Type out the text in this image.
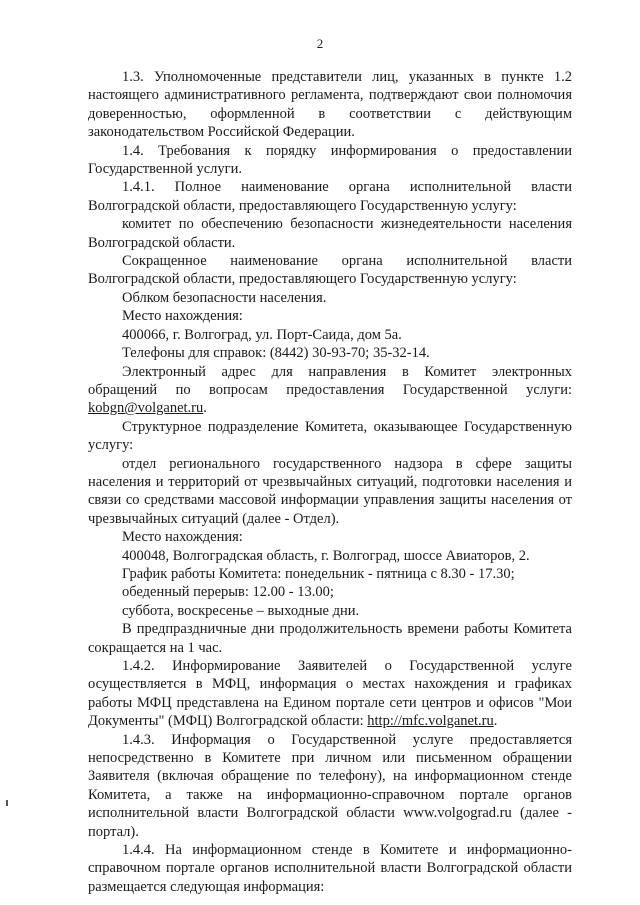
2

1.3. Уполномоченные представители лиц, указанных в пункте 1.2 настоящего административного регламента, подтверждают свои полномочия доверенностью, оформленной в соответствии с действующим законодательством Российской Федерации.

1.4. Требования к порядку информирования о предоставлении Государственной услуги.

1.4.1. Полное наименование органа исполнительной власти Волгоградской области, предоставляющего Государственную услугу:

комитет по обеспечению безопасности жизнедеятельности населения Волгоградской области.

Сокращенное наименование органа исполнительной власти Волгоградской области, предоставляющего Государственную услугу:

Облком безопасности населения.

Место нахождения:

400066, г. Волгоград, ул. Порт-Саида, дом 5а.

Телефоны для справок: (8442) 30-93-70; 35-32-14.

Электронный адрес для направления в Комитет электронных обращений по вопросам предоставления Государственной услуги: kobgn@volganet.ru.

Структурное подразделение Комитета, оказывающее Государственную услугу:

отдел регионального государственного надзора в сфере защиты населения и территорий от чрезвычайных ситуаций, подготовки населения и связи со средствами массовой информации управления защиты населения от чрезвычайных ситуаций (далее - Отдел).

Место нахождения:

400048, Волгоградская область, г. Волгоград, шоссе Авиаторов, 2.

График работы Комитета: понедельник - пятница с 8.30 - 17.30;

обеденный перерыв: 12.00 - 13.00;

суббота, воскресенье – выходные дни.

В предпраздничные дни продолжительность времени работы Комитета сокращается на 1 час.

1.4.2. Информирование Заявителей о Государственной услуге осуществляется в МФЦ, информация о местах нахождения и графиках работы МФЦ представлена на Едином портале сети центров и офисов "Мои Документы" (МФЦ) Волгоградской области: http://mfc.volganet.ru.

1.4.3. Информация о Государственной услуге предоставляется непосредственно в Комитете при личном или письменном обращении Заявителя (включая обращение по телефону), на информационном стенде Комитета, а также на информационно-справочном портале органов исполнительной власти Волгоградской области www.volgograd.ru (далее - портал).

1.4.4. На информационном стенде в Комитете и информационно-справочном портале органов исполнительной власти Волгоградской области размещается следующая информация:
